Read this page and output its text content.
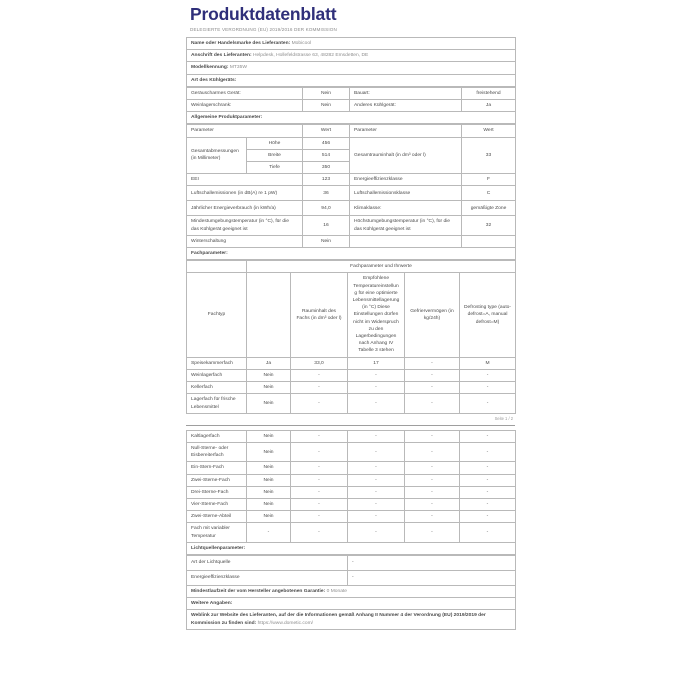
Produktdatenblatt
DELEGIERTE VERORDNUNG (EU) 2019/2016 DER KOMMISSION
Name oder Handelsmarke des Lieferanten: Mobicool
Anschrift des Lieferanten: Helpdesk, Hollefeldstrasse 63, 48282 Emsdetten, DE
Modellkennung: MT35W
Art des Kühlgeräts:
Geräuscharmes Gerät:	Nein	Bauart:	freistehend
Weinlagerschrank:	Nein	Anderes Kühlgerät:	Ja
Allgemeine Produktparameter:			
Parameter		Wert	Parameter	Wert
Gesamtabmessungen (in Millimeter)	Höhe	456	Gesamtrauminhalt (in dm³ oder l)	33
	Breite	514		
	Tiefe	350		
EEI		123	Energieeffizienzklasse	F
Luftschallemissionen (in dB(A) re 1 pW)		36	Luftschallemissionsklasse	C
Jährlicher Energieverbrauch (in kWh/a)		94,0	Klimaklasse:	gemäßigte Zone
Mindestumgebungstemperatur (in °C), für die das Kühlgerät geeignet ist		16	Höchstumgebungstemperatur (in °C), für die das Kühlgerät geeignet ist	32
Winterschaltung		Nein		
Fachparameter:				
	Fachparameter und Ihrwerte				
Fachtyp		Rauminhalt des Fachs (in dm³ oder l)	Empfohlene Temperatureinstellung für eine optimierte Lebensmittellagerung (in °C) Diese Einstellungen dürfen nicht im Widerspruch zu den Lagerbedingungen nach Anhang IV Tabelle 3 stehen	Gefriervermögen (in kg/24h)	Defrosting type (auto-defrost=A, manual defrost=M)
Speisekammerfach	Ja	33,0	17	-	M
Weinlagerfach	Nein	-	-	-	-
Kellerfach	Nein	-	-	-	-
Lagerfach für frische Lebensmittel	Nein	-	-	-	-
Seite 1 / 2
Kaltlagerfach	Nein	-	-	-	-
Null-Sterne- oder Eisbereiterfach	Nein	-	-	-	-
Ein-Stern-Fach	Nein	-	-	-	-
Zwei-Sterne-Fach	Nein	-	-	-	-
Drei-Sterne-Fach	Nein	-	-	-	-
Vier-Sterne-Fach	Nein	-	-	-	-
Zwei-Sterne-Abteil	Nein	-	-	-	-
Fach mit variabler Temperatur	-	-	-	-	-
Lichtquellenparameter:					
Art der Lichtquelle	-
Energieeffizienzklasse	-
Mindestlaufzeit der vom Hersteller angebotenen Garantie: 0 Monate	
Weitere Angaben:	
Weblink zur Website des Lieferanten, auf der die Informationen gemäß Anhang II Nummer 4 der Verordnung (EU) 2019/2019 der Kommission zu finden sind: https://www.dometic.com/	
